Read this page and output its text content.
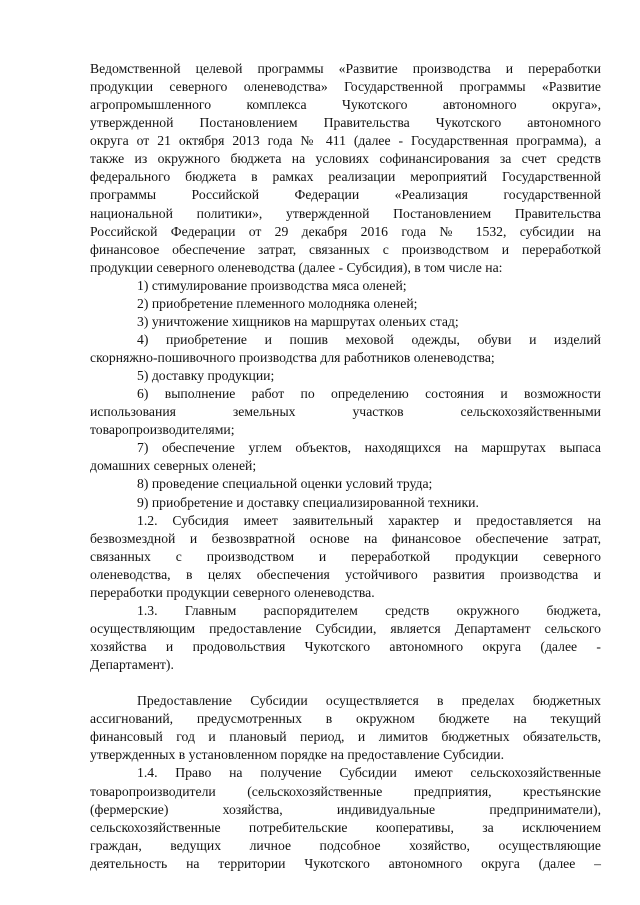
Ведомственной целевой программы «Развитие производства и переработки
продукции северного оленеводства» Государственной программы «Развитие
агропромышленного комплекса Чукотского автономного округа»,
утвержденной Постановлением Правительства Чукотского автономного
округа от 21 октября 2013 года № 411 (далее - Государственная программа), а
также из окружного бюджета на условиях софинансирования за счет средств
федерального бюджета в рамках реализации мероприятий Государственной
программы Российской Федерации «Реализация государственной
национальной политики», утвержденной Постановлением Правительства
Российской Федерации от 29 декабря 2016 года № 1532, субсидии на
финансовое обеспечение затрат, связанных с производством и переработкой
продукции северного оленеводства (далее - Субсидия), в том числе на:
1) стимулирование производства мяса оленей;
2) приобретение племенного молодняка оленей;
3) уничтожение хищников на маршрутах оленьих стад;
4) приобретение и пошив меховой одежды, обуви и изделий
скорняжно-пошивочного производства для работников оленеводства;
5) доставку продукции;
6) выполнение работ по определению состояния и возможности
использования земельных участков сельскохозяйственными
товаропроизводителями;
7) обеспечение углем объектов, находящихся на маршрутах выпаса
домашних северных оленей;
8) проведение специальной оценки условий труда;
9) приобретение и доставку специализированной техники.
1.2. Субсидия имеет заявительный характер и предоставляется на
безвозмездной и безвозвратной основе на финансовое обеспечение затрат,
связанных с производством и переработкой продукции северного
оленеводства, в целях обеспечения устойчивого развития производства и
переработки продукции северного оленеводства.
1.3. Главным распорядителем средств окружного бюджета,
осуществляющим предоставление Субсидии, является Департамент сельского
хозяйства и продовольствия Чукотского автономного округа (далее -
Департамент).
Предоставление Субсидии осуществляется в пределах бюджетных
ассигнований, предусмотренных в окружном бюджете на текущий
финансовый год и плановый период, и лимитов бюджетных обязательств,
утвержденных в установленном порядке на предоставление Субсидии.
1.4. Право на получение Субсидии имеют сельскохозяйственные
товаропроизводители (сельскохозяйственные предприятия, крестьянские
(фермерские) хозяйства, индивидуальные предприниматели),
сельскохозяйственные потребительские кооперативы, за исключением
граждан, ведущих личное подсобное хозяйство, осуществляющие
деятельность на территории Чукотского автономного округа (далее –
